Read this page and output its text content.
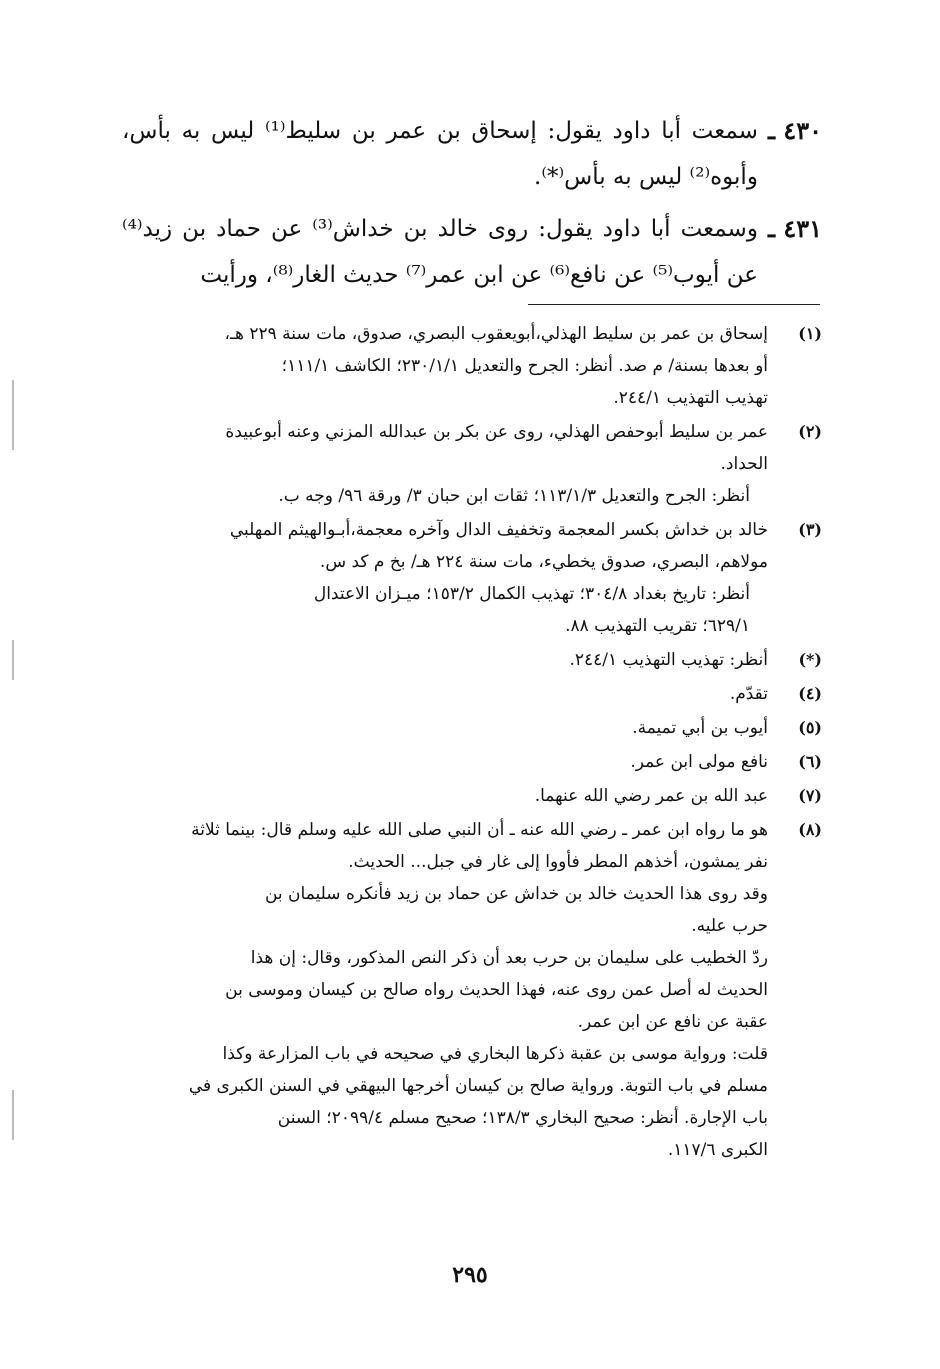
٤٣٠ ـ
سمعت أبا داود يقول: إسحاق بن عمر بن سليط⁽¹⁾ ليس به بأس، وأبوه⁽²⁾ ليس به بأس⁽*⁾.
٤٣١ ـ
وسمعت أبا داود يقول: روى خالد بن خداش⁽³⁾ عن حماد بن زيد⁽⁴⁾ عن أيوب⁽⁵⁾ عن نافع⁽⁶⁾ عن ابن عمر⁽⁷⁾ حديث الغار⁽⁸⁾، ورأيت
(١)
إسحاق بن عمر بن سليط الهذلي،أبويعقوب البصري، صدوق، مات سنة ٢٢٩ هـ،
أو بعدها بسنة/ م صد. أنظر: الجرح والتعديل ٢٣٠/١/١؛ الكاشف ١١١/١؛
تهذيب التهذيب ٢٤٤/١.
(٢)
عمر بن سليط أبوحفص الهذلي، روى عن بكر بن عبدالله المزني وعنه أبوعبيدة
الحداد.
أنظر: الجرح والتعديل ١١٣/١/٣؛ ثقات ابن حبان ٣/ ورقة ٩٦/ وجه ب.
(٣)
خالد بن خداش بكسر المعجمة وتخفيف الدال وآخره معجمة،أبـوالهيثم المهلبي
مولاهم، البصري، صدوق يخطيء، مات سنة ٢٢٤ هـ/ بخ م كد س.
أنظر: تاريخ بغداد ٣٠٤/٨؛ تهذيب الكمال ١٥٣/٢؛ ميـزان الاعتدال
٦٢٩/١؛ تقريب التهذيب ٨٨.
(*)
أنظر: تهذيب التهذيب ٢٤٤/١.
(٤)
تقدّم.
(٥)
أيوب بن أبي تميمة.
(٦)
نافع مولى ابن عمر.
(٧)
عبد الله بن عمر رضي الله عنهما.
(٨)
هو ما رواه ابن عمر ـ رضي الله عنه ـ أن النبي صلى الله عليه وسلم قال: بينما ثلاثة
نفر يمشون، أخذهم المطر فأووا إلى غار في جبل... الحديث.
وقد روى هذا الحديث خالد بن خداش عن حماد بن زيد فأنكره سليمان بن
حرب عليه.
ردّ الخطيب على سليمان بن حرب بعد أن ذكر النص المذكور، وقال: إن هذا
الحديث له أصل عمن روى عنه، فهذا الحديث رواه صالح بن كيسان وموسى بن
عقبة عن نافع عن ابن عمر.
قلت: ورواية موسى بن عقبة ذكرها البخاري في صحيحه في باب المزارعة وكذا
مسلم في باب التوبة. ورواية صالح بن كيسان أخرجها البيهقي في السنن الكبرى في
باب الإجارة. أنظر: صحيح البخاري ١٣٨/٣؛ صحيح مسلم ٢٠٩٩/٤؛ السنن
الكبرى ١١٧/٦.
٢٩٥
